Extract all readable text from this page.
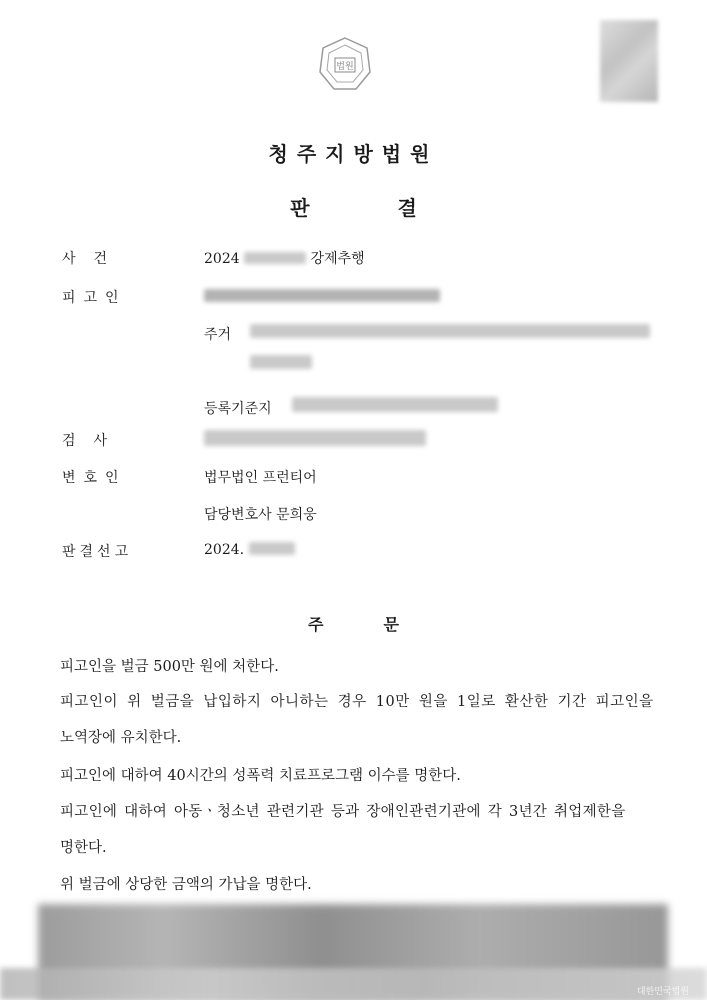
법원
청주지방법원
판결
사건	2024	강제추행
피고인
주거
등록기준지
검사
변호인	법무법인 프런티어
담당변호사 문희웅
판결선고	2024.
주문
피고인을 벌금 500만 원에 처한다.
피고인이 위 벌금을 납입하지 아니하는 경우 10만 원을 1일로 환산한 기간 피고인을
노역장에 유치한다.
피고인에 대하여 40시간의 성폭력 치료프로그램 이수를 명한다.
피고인에 대하여 아동ㆍ청소년 관련기관 등과 장애인관련기관에 각 3년간 취업제한을
명한다.
위 벌금에 상당한 금액의 가납을 명한다.
대한민국법원
